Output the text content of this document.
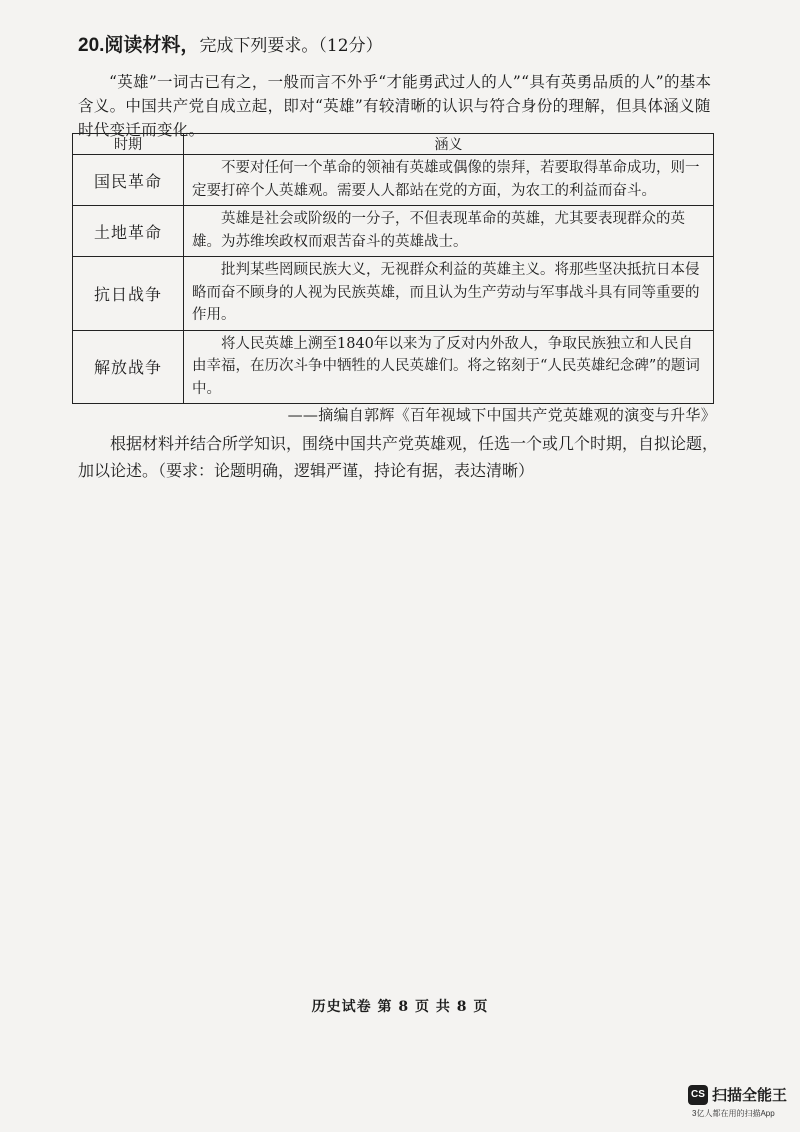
20.阅读材料，完成下列要求。（12分）
“英雄”一词古已有之，一般而言不外乎“才能勇武过人的人”“具有英勇品质的人”的基本含义。中国共产党自成立起，即对“英雄”有较清晰的认识与符合身份的理解，但具体涵义随时代变迁而变化。
时期	涵义
国民革命	不要对任何一个革命的领袖有英雄或偶像的崇拜，若要取得革命成功，则一定要打碎个人英雄观。需要人人都站在党的方面，为农工的利益而奋斗。
土地革命	英雄是社会或阶级的一分子，不但表现革命的英雄，尤其要表现群众的英雄。为苏维埃政权而艰苦奋斗的英雄战士。
抗日战争	批判某些罔顾民族大义，无视群众利益的英雄主义。将那些坚决抵抗日本侵略而奋不顾身的人视为民族英雄，而且认为生产劳动与军事战斗具有同等重要的作用。
解放战争	将人民英雄上溯至1840年以来为了反对内外敌人，争取民族独立和人民自由幸福，在历次斗争中牺牲的人民英雄们。将之铭刻于“人民英雄纪念碑”的题词中。
——摘编自郭辉《百年视域下中国共产党英雄观的演变与升华》
根据材料并结合所学知识，围绕中国共产党英雄观，任选一个或几个时期，自拟论题，加以论述。（要求：论题明确，逻辑严谨，持论有据，表达清晰）
历史试卷 第 8 页 共 8 页
CS 扫描全能王
3亿人都在用的扫描App
